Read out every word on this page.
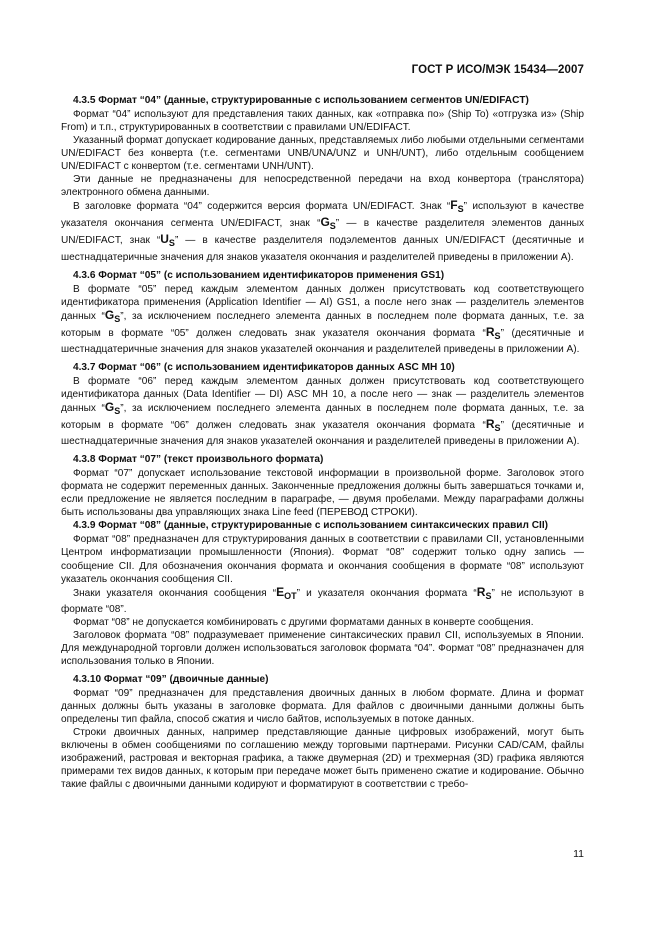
ГОСТ Р ИСО/МЭК 15434—2007

4.3.5 Формат “04” (данные, структурированные с использованием сегментов UN/EDIFACT)

Формат “04” используют для представления таких данных, как «отправка по» (Ship To) «отгрузка из» (Ship From) и т.п., структурированных в соответствии с правилами UN/EDIFACT.

Указанный формат допускает кодирование данных, представляемых либо любыми отдельными сегментами UN/EDIFACT без конверта (т.е. сегментами UNB/UNA/UNZ и UNH/UNT), либо отдельным сообщением UN/EDIFACT с конвертом (т.е. сегментами UNH/UNT).

Эти данные не предназначены для непосредственной передачи на вход конвертора (транслятора) электронного обмена данными.

В заголовке формата “04” содержится версия формата UN/EDIFACT. Знак “$F_S$” используют в качестве указателя окончания сегмента UN/EDIFACT, знак “$G_S$” — в качестве разделителя элементов данных UN/EDIFACT, знак “$U_S$” — в качестве разделителя подэлементов данных UN/EDIFACT (десятичные и шестнадцатеричные значения для знаков указателя окончания и разделителей приведены в приложении А).

4.3.6 Формат “05” (с использованием идентификаторов применения GS1)

В формате “05” перед каждым элементом данных должен присутствовать код соответствующего идентификатора применения (Application Identifier — AI) GS1, а после него знак — разделитель элементов данных “$G_S$”, за исключением последнего элемента данных в последнем поле формата данных, т.е. за которым в формате “05” должен следовать знак указателя окончания формата “$R_S$” (десятичные и шестнадцатеричные значения для знаков указателей окончания и разделителей приведены в приложении А).

4.3.7 Формат “06” (с использованием идентификаторов данных ASC MH 10)

В формате “06” перед каждым элементом данных должен присутствовать код соответствующего идентификатора данных (Data Identifier — DI) ASC MH 10, а после него — знак — разделитель элементов данных “$G_S$”, за исключением последнего элемента данных в последнем поле формата данных, т.е. за которым в формате “06” должен следовать знак указателя окончания формата “$R_S$” (десятичные и шестнадцатеричные значения для знаков указателей окончания и разделителей приведены в приложении А).

4.3.8 Формат “07” (текст произвольного формата)

Формат “07” допускает использование текстовой информации в произвольной форме. Заголовок этого формата не содержит переменных данных. Законченные предложения должны быть завершаться точками и, если предложение не является последним в параграфе, — двумя пробелами. Между параграфами должны быть использованы два управляющих знака Line feed (ПЕРЕВОД СТРОКИ).

4.3.9 Формат “08” (данные, структурированные с использованием синтаксических правил CII)

Формат “08” предназначен для структурирования данных в соответствии с правилами CII, установленными Центром информатизации промышленности (Япония). Формат “08” содержит только одну запись — сообщение CII. Для обозначения окончания формата и окончания сообщения в формате “08” используют указатель окончания сообщения CII.

Знаки указателя окончания сообщения “$E_{OT}$” и указателя окончания формата “$R_S$” не используют в формате “08”.

Формат “08” не допускается комбинировать с другими форматами данных в конверте сообщения.

Заголовок формата “08” подразумевает применение синтаксических правил CII, используемых в Японии. Для международной торговли должен использоваться заголовок формата “04”. Формат “08” предназначен для использования только в Японии.

4.3.10 Формат “09” (двоичные данные)

Формат “09” предназначен для представления двоичных данных в любом формате. Длина и формат данных должны быть указаны в заголовке формата. Для файлов с двоичными данными должны быть определены тип файла, способ сжатия и число байтов, используемых в потоке данных.

Строки двоичных данных, например представляющие данные цифровых изображений, могут быть включены в обмен сообщениями по соглашению между торговыми партнерами. Рисунки CAD/CAM, файлы изображений, растровая и векторная графика, а также двумерная (2D) и трехмерная (3D) графика являются примерами тех видов данных, к которым при передаче может быть применено сжатие и кодирование. Обычно такие файлы с двоичными данными кодируют и форматируют в соответствии с требо-

11
